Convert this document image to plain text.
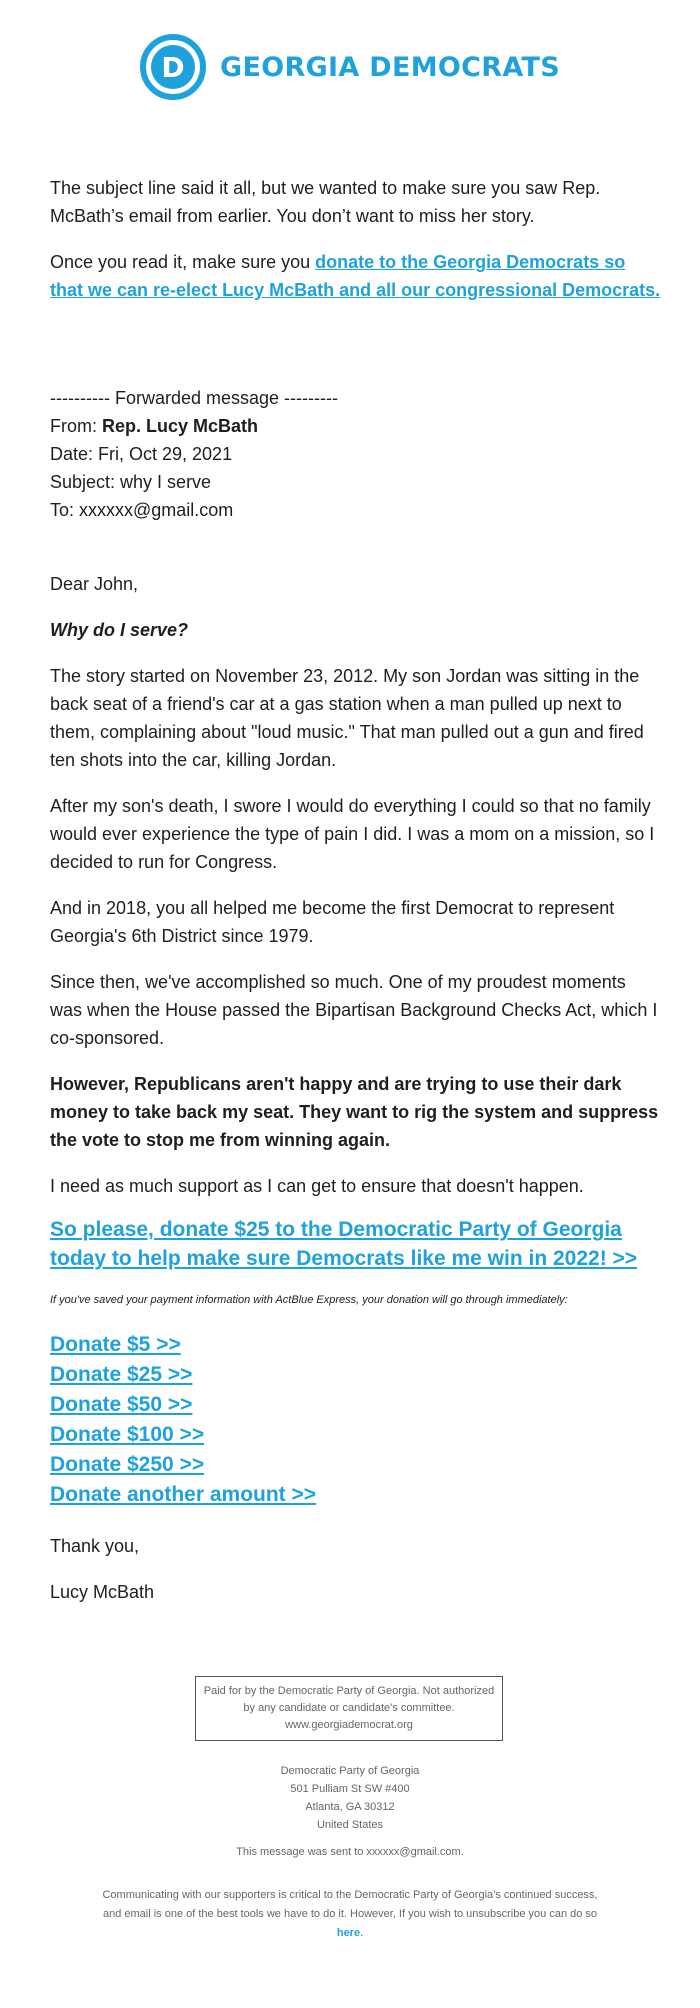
D GEORGIA DEMOCRATS
The subject line said it all, but we wanted to make sure you saw Rep. McBath’s email from earlier. You don’t want to miss her story.
Once you read it, make sure you donate to the Georgia Democrats so that we can re-elect Lucy McBath and all our congressional Democrats.
---------- Forwarded message ---------
From: Rep. Lucy McBath
Date: Fri, Oct 29, 2021
Subject: why I serve
To: xxxxxx@gmail.com
Dear John,
Why do I serve?
The story started on November 23, 2012. My son Jordan was sitting in the back seat of a friend's car at a gas station when a man pulled up next to them, complaining about "loud music." That man pulled out a gun and fired ten shots into the car, killing Jordan.
After my son's death, I swore I would do everything I could so that no family would ever experience the type of pain I did. I was a mom on a mission, so I decided to run for Congress.
And in 2018, you all helped me become the first Democrat to represent Georgia's 6th District since 1979.
Since then, we've accomplished so much. One of my proudest moments was when the House passed the Bipartisan Background Checks Act, which I co-sponsored.
However, Republicans aren't happy and are trying to use their dark money to take back my seat. They want to rig the system and suppress the vote to stop me from winning again.
I need as much support as I can get to ensure that doesn't happen.
So please, donate $25 to the Democratic Party of Georgia today to help make sure Democrats like me win in 2022! >>
If you've saved your payment information with ActBlue Express, your donation will go through immediately:
Donate $5 >>
Donate $25 >>
Donate $50 >>
Donate $100 >>
Donate $250 >>
Donate another amount >>
Thank you,
Lucy McBath
Paid for by the Democratic Party of Georgia. Not authorized by any candidate or candidate's committee.
www.georgiademocrat.org
Democratic Party of Georgia
501 Pulliam St SW #400
Atlanta, GA 30312
United States
This message was sent to xxxxxx@gmail.com.
Communicating with our supporters is critical to the Democratic Party of Georgia’s continued success, and email is one of the best tools we have to do it. However, If you wish to unsubscribe you can do so here.
